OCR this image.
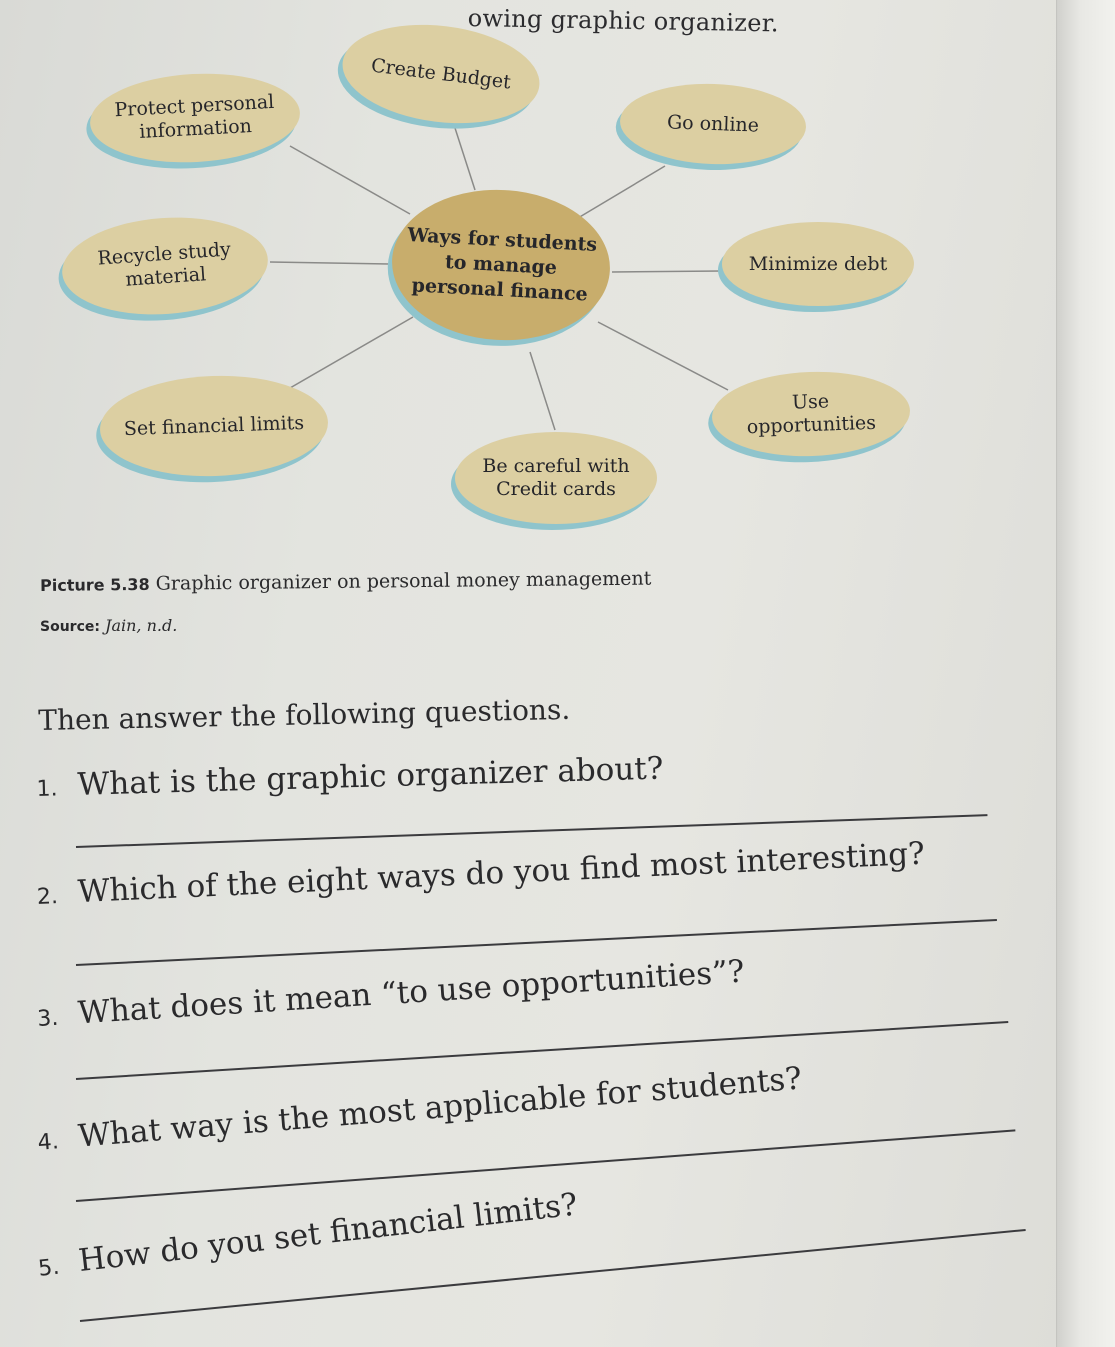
owing graphic organizer.
Create Budget
Go online
Minimize debt
Use opportunities
Be careful with Credit cards
Set financial limits
Recycle study material
Protect personal information
Ways for students to manage personal finance
Picture 5.38 Graphic organizer on personal money management
Source: Jain, n.d.
Then answer the following questions.
1. What is the graphic organizer about?
2. Which of the eight ways do you find most interesting?
3. What does it mean “to use opportunities”?
4. What way is the most applicable for students?
5. How do you set financial limits?
